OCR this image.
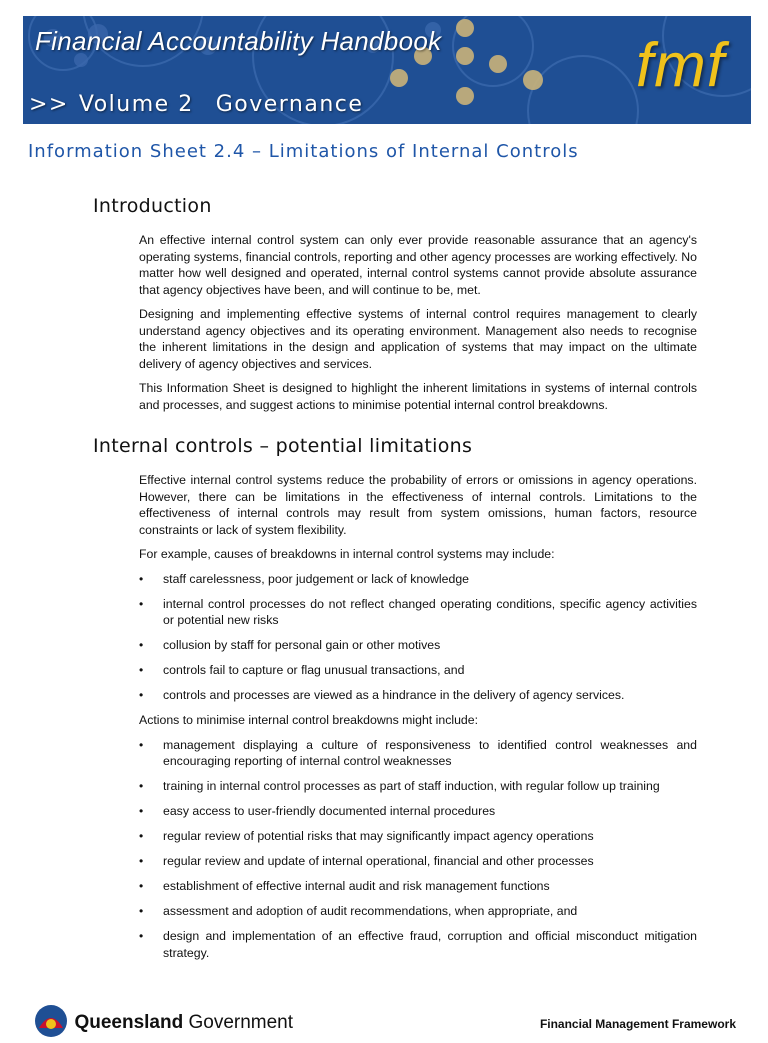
Financial Accountability Handbook
>> Volume 2 Governance
fmf
Information Sheet 2.4 – Limitations of Internal Controls
Introduction

An effective internal control system can only ever provide reasonable assurance that an agency's operating systems, financial controls, reporting and other agency processes are working effectively. No matter how well designed and operated, internal control systems cannot provide absolute assurance that agency objectives have been, and will continue to be, met.

Designing and implementing effective systems of internal control requires management to clearly understand agency objectives and its operating environment. Management also needs to recognise the inherent limitations in the design and application of systems that may impact on the ultimate delivery of agency objectives and services.

This Information Sheet is designed to highlight the inherent limitations in systems of internal controls and processes, and suggest actions to minimise potential internal control breakdowns.

Internal controls – potential limitations

Effective internal control systems reduce the probability of errors or omissions in agency operations. However, there can be limitations in the effectiveness of internal controls. Limitations to the effectiveness of internal controls may result from system omissions, human factors, resource constraints or lack of system flexibility.

For example, causes of breakdowns in internal control systems may include:

• staff carelessness, poor judgement or lack of knowledge
• internal control processes do not reflect changed operating conditions, specific agency activities or potential new risks
• collusion by staff for personal gain or other motives
• controls fail to capture or flag unusual transactions, and
• controls and processes are viewed as a hindrance in the delivery of agency services.

Actions to minimise internal control breakdowns might include:

• management displaying a culture of responsiveness to identified control weaknesses and encouraging reporting of internal control weaknesses
• training in internal control processes as part of staff induction, with regular follow up training
• easy access to user-friendly documented internal procedures
• regular review of potential risks that may significantly impact agency operations
• regular review and update of internal operational, financial and other processes
• establishment of effective internal audit and risk management functions
• assessment and adoption of audit recommendations, when appropriate, and
• design and implementation of an effective fraud, corruption and official misconduct mitigation strategy.
Queensland Government	Financial Management Framework
